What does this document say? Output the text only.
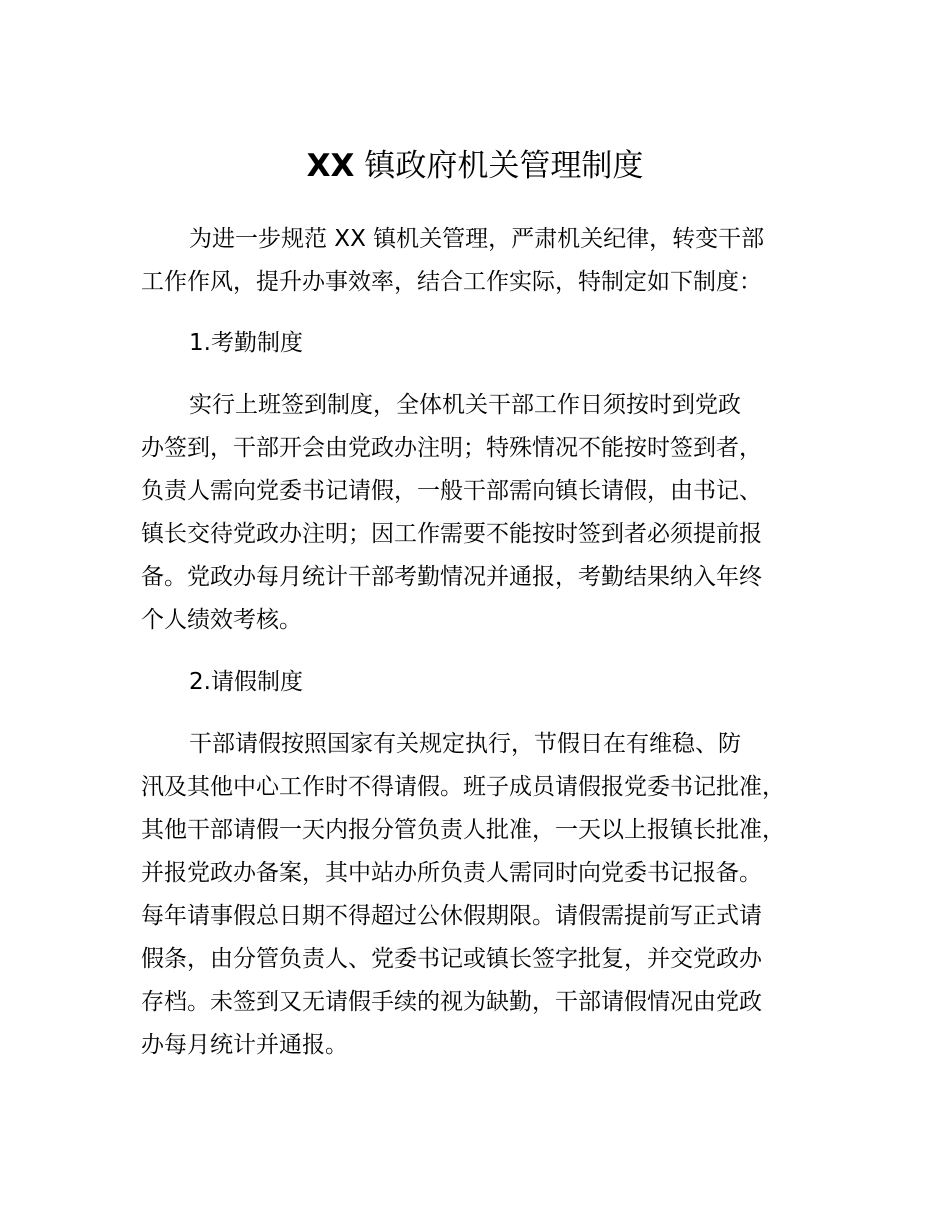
XX 镇政府机关管理制度
为进一步规范 XX 镇机关管理，严肃机关纪律，转变干部
工作作风，提升办事效率，结合工作实际，特制定如下制度：
1.考勤制度
实行上班签到制度，全体机关干部工作日须按时到党政
办签到，干部开会由党政办注明；特殊情况不能按时签到者，
负责人需向党委书记请假，一般干部需向镇长请假，由书记、
镇长交待党政办注明；因工作需要不能按时签到者必须提前报
备。党政办每月统计干部考勤情况并通报，考勤结果纳入年终
个人绩效考核。
2.请假制度
干部请假按照国家有关规定执行，节假日在有维稳、防
汛及其他中心工作时不得请假。班子成员请假报党委书记批准，
其他干部请假一天内报分管负责人批准，一天以上报镇长批准，
并报党政办备案，其中站办所负责人需同时向党委书记报备。
每年请事假总日期不得超过公休假期限。请假需提前写正式请
假条，由分管负责人、党委书记或镇长签字批复，并交党政办
存档。未签到又无请假手续的视为缺勤，干部请假情况由党政
办每月统计并通报。
